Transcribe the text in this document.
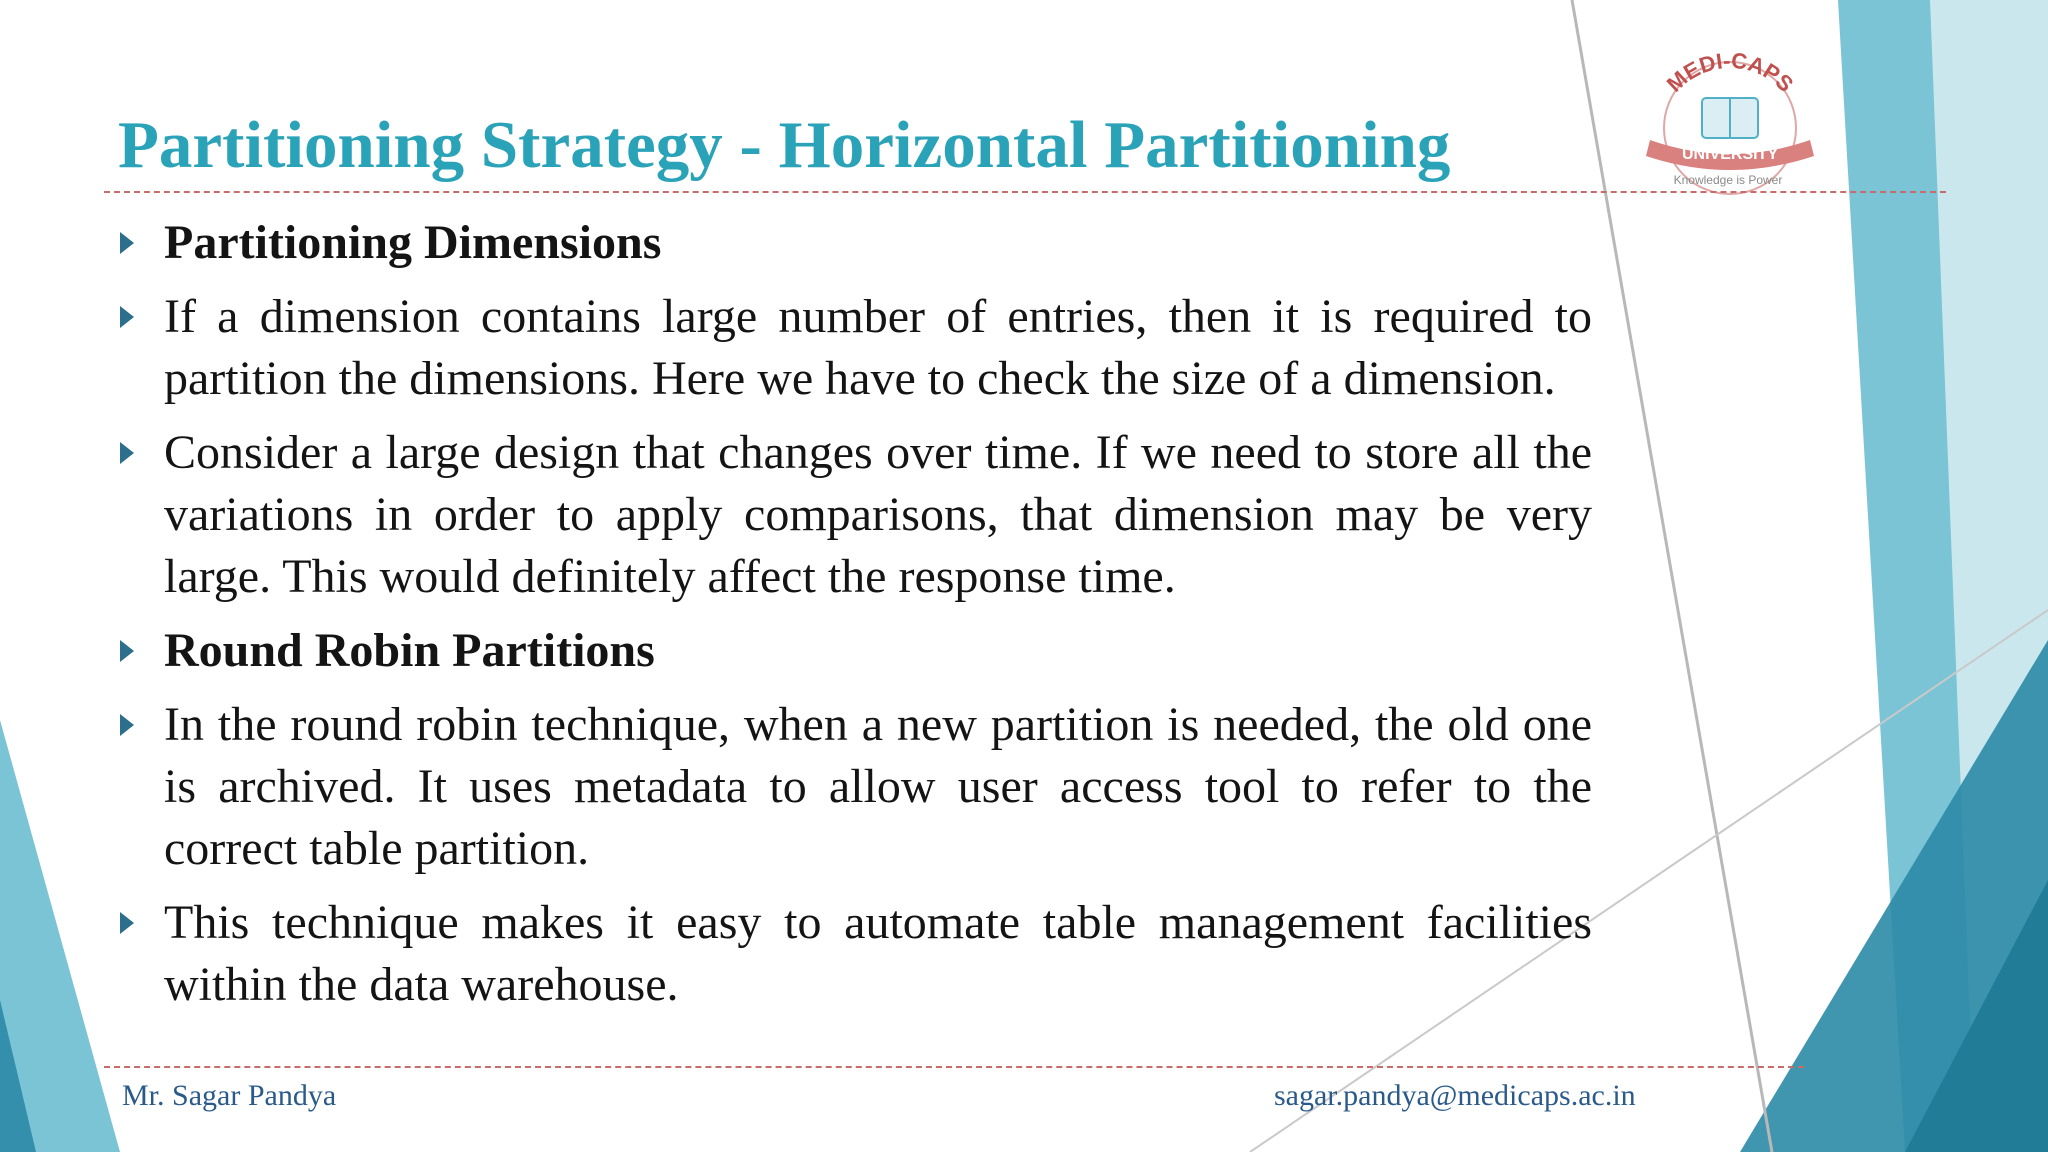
MEDI-CAPS
UNIVERSITY
Knowledge is Power
Partitioning Strategy - Horizontal Partitioning
Partitioning Dimensions
If a dimension contains large number of entries, then it is required to partition the dimensions. Here we have to check the size of a dimension.
Consider a large design that changes over time. If we need to store all the variations in order to apply comparisons, that dimension may be very large. This would definitely affect the response time.
Round Robin Partitions
In the round robin technique, when a new partition is needed, the old one is archived. It uses metadata to allow user access tool to refer to the correct table partition.
This technique makes it easy to automate table management facilities within the data warehouse.
Mr. Sagar Pandya	sagar.pandya@medicaps.ac.in
